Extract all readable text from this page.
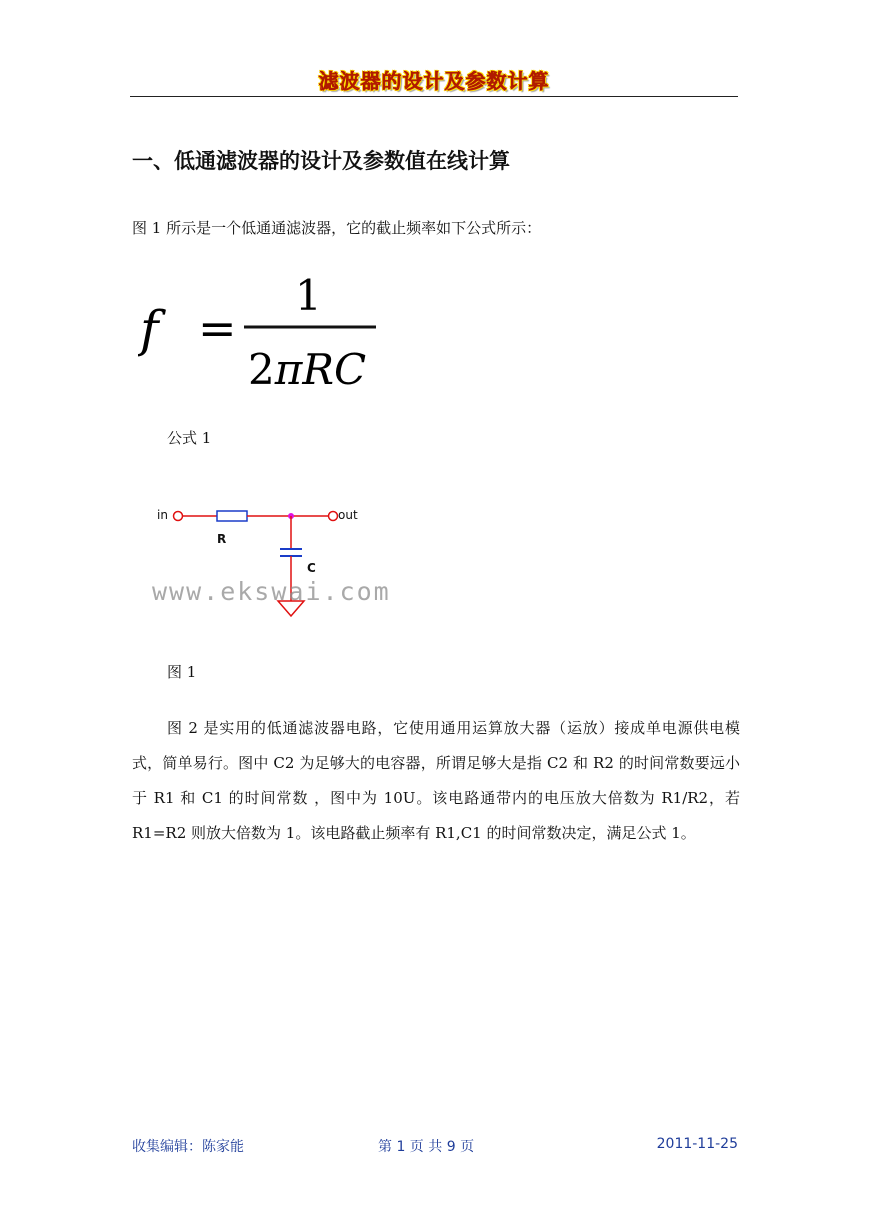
滤波器的设计及参数计算
一、低通滤波器的设计及参数值在线计算

图 1 所示是一个低通通滤波器，它的截止频率如下公式所示：

f =
1
2πRC

公式 1

in
R
out
C

www.ekswai.com

图 1

图 2 是实用的低通滤波器电路，它使用通用运算放大器（运放）接成单电源供电模式，简单易行。图中 C2 为足够大的电容器，所谓足够大是指 C2 和 R2 的时间常数要远小于 R1 和 C1 的时间常数 ，图中为 10U。该电路通带内的电压放大倍数为 R1/R2，若 R1=R2 则放大倍数为 1。该电路截止频率有 R1,C1 的时间常数决定，满足公式 1。

收集编辑：陈家能	第 1 页 共 9 页	2011-11-25
